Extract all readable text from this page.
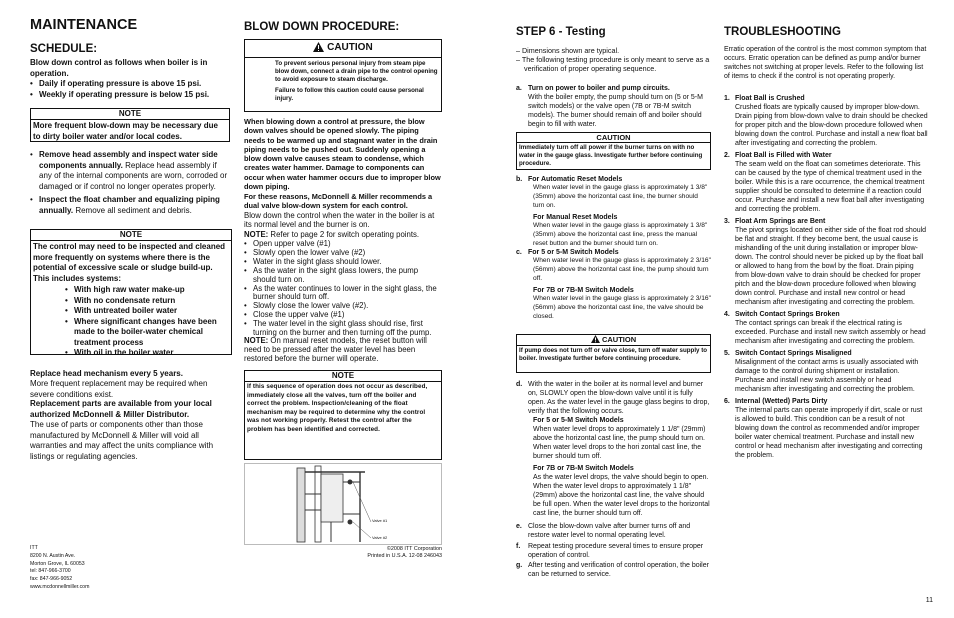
MAINTENANCE
SCHEDULE:

Blow down control as follows when boiler is in operation.

• Daily if operating pressure is above 15 psi.
• Weekly if operating pressure is below 15 psi.
NOTE

More frequent blow-down may be necessary due to dirty boiler water and/or local codes.

• Remove head assembly and inspect water side components annually. Replace head assembly if any of the internal components are worn, corroded or damaged or if control no longer operates properly.
• Inspect the float chamber and equalizing piping annually. Remove all sediment and debris.
NOTE

The control may need to be inspected and cleaned more frequently on systems where there is the potential of excessive scale or sludge build-up. This includes systems:

• With high raw water make-up
• With no condensate return
• With untreated boiler water
• Where significant changes have been made to the boiler-water chemical treatment process
• With oil in the boiler water

Replace head mechanism every 5 years.

More frequent replacement may be required when severe conditions exist.

Replacement parts are available from your local authorized McDonnell & Miller Distributor.

The use of parts or components other than those manufactured by McDonnell & Miller will void all warranties and may affect the units compliance with listings or regulating agencies.

ITT
8200 N. Austin Ave.
Morton Grove, IL 60053
tel: 847-966-3700
fax: 847-966-9052
www.mcdonnellmiller.com
BLOW DOWN PROCEDURE:
CAUTION

To prevent serious personal injury from steam pipe blow down, connect a drain pipe to the control opening to avoid exposure to steam discharge.

Failure to follow this caution could cause personal injury.

When blowing down a control at pressure, the blow down valves should be opened slowly. The piping needs to be warmed up and stagnant water in the drain piping needs to be pushed out. Suddenly opening a blow down valve causes steam to condense, which creates water hammer. Damage to components can occur when water hammer occurs due to improper blow down piping.

For these reasons, McDonnell & Miller recommends a dual valve blow-down system for each control.

Blow down the control when the water in the boiler is at its normal level and the burner is on.

NOTE: Refer to page 2 for switch operating points.

• Open upper valve (#1)
• Slowly open the lower valve (#2)
• Water in the sight glass should lower.
• As the water in the sight glass lowers, the pump should turn on.
• As the water continues to lower in the sight glass, the burner should turn off.
• Slowly close the lower valve (#2).
• Close the upper valve (#1)
• The water level in the sight glass should rise, first turning on the burner and then turning off the pump.

NOTE: On manual reset models, the reset button will need to be pressed after the water level has been restored before the burner will operate.

NOTE

If this sequence of operation does not occur as described, immediately close all the valves, turn off the boiler and correct the problem. Inspection/cleaning of the float mechanism may be required to determine why the control was not working properly. Retest the control after the problem has been identified and corrected.

Valve #1
Valve #2
©2008 ITT Corporation
Printed in U.S.A. 12-08 246043
STEP 6 - Testing
– Dimensions shown are typical.
– The following testing procedure is only meant to serve as a verification of proper operating sequence.
a. Turn on power to boiler and pump circuits.
With the boiler empty, the pump should turn on (5 or 5-M switch models) or the valve open (7B or 7B-M switch models). The burner should remain off and boiler should begin to fill with water.
CAUTION

Immediately turn off all power if the burner turns on with no water in the gauge glass. Investigate further before continuing procedure.

b. For Automatic Reset Models
When water level in the gauge glass is approximately 1 3/8" (35mm) above the horizontal cast line, the burner should turn on.
For Manual Reset Models
When water level in the gauge glass is approximately 1 3/8" (35mm) above the horizontal cast line, press the manual reset button and the burner should turn on.
c. For 5 or 5-M Switch Models
When water level in the gauge glass is approximately 2 3/16" (56mm) above the horizontal cast line, the pump should turn off.
For 7B or 7B-M Switch Models
When water level in the gauge glass is approximately 2 3/16" (56mm) above the horizontal cast line, the valve should be closed.
CAUTION

If pump does not turn off or valve close, turn off water supply to boiler. Investigate further before continuing procedure.

d. With the water in the boiler at its normal level and burner on, SLOWLY open the blow-down valve until it is fully open. As the water level in the gauge glass begins to drop, verify that the following occurs.
For 5 or 5-M Switch Models
When water level drops to approximately 1 1/8" (29mm) above the horizontal cast line, the pump should turn on. When water level drops to the hori zontal cast line, the burner should turn off.
For 7B or 7B-M Switch Models
As the water level drops, the valve should begin to open. When the water level drops to approximately 1 1/8" (29mm) above the horizontal cast line, the valve should be full open. When the water level drops to the horizontal cast line, the burner should turn off.
e. Close the blow-down valve after burner turns off and restore water level to normal operating level.
f. Repeat testing procedure several times to ensure proper operation of control.
g. After testing and verification of control operation, the boiler can be returned to service.
TROUBLESHOOTING

Erratic operation of the control is the most common symptom that occurs. Erratic operation can be defined as pump and/or burner switches not switching at proper levels. Refer to the following list of items to check if the control is not operating properly.

1. Float Ball is Crushed
Crushed floats are typically caused by improper blow-down. Drain piping from blow-down valve to drain should be checked for proper pitch and the blow-down procedure followed when blowing down the control. Purchase and install a new float ball after investigating and correcting the problem.
2. Float Ball is Filled with Water
The seam weld on the float can sometimes deteriorate. This can be caused by the type of chemical treatment used in the boiler. While this is a rare occurrence, the chemical treatment supplier should be consulted to determine if a reaction could occur. Purchase and install a new float ball after investigating and correcting the problem.
3. Float Arm Springs are Bent
The pivot springs located on either side of the float rod should be flat and straight. If they become bent, the usual cause is mishandling of the unit during installation or improper blow-down. The control should never be picked up by the float ball or allowed to hang from the bowl by the float. Drain piping from blow-down valve to drain should be checked for proper pitch and the blow-down procedure followed when blowing down control. Purchase and install new control or head mechanism after investigating and correcting the problem.
4. Switch Contact Springs Broken
The contact springs can break if the electrical rating is exceeded. Purchase and install new switch assembly or head mechanism after investigating and correcting the problem.
5. Switch Contact Springs Misaligned
Misalignment of the contact arms is usually associated with damage to the control during shipment or installation. Purchase and install new switch assembly or head mechanism after investigating and correcting the problem.
6. Internal (Wetted) Parts Dirty
The internal parts can operate improperly if dirt, scale or rust is allowed to build. This condition can be a result of not blowing down the control as recommended and/or improper boiler water chemical treatment. Purchase and install new control or head mechanism after investigating and correcting the problem.
11
